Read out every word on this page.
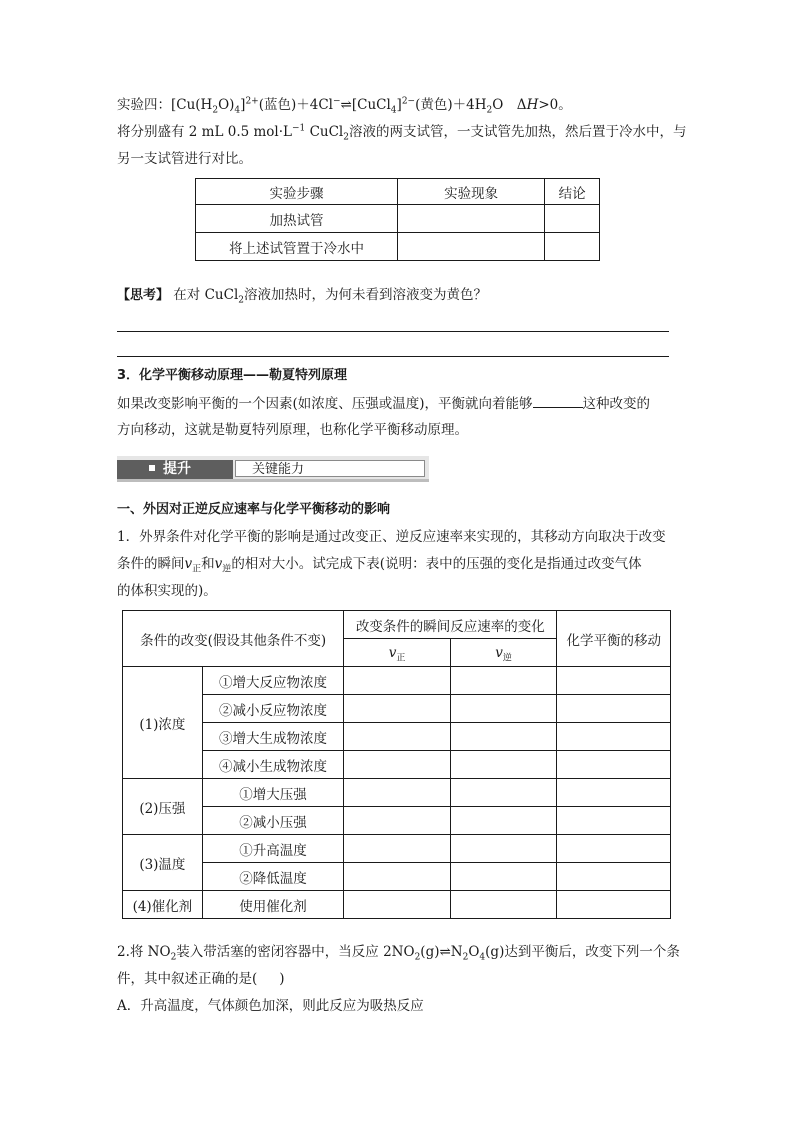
实验四：$[Cu(H_2O)_4]^{2+}$(蓝色)＋4Cl−⇌[CuCl$_4$]$^{2-}$(黄色)$+4H_2O$　ΔH>0。
将分别盛有 2 mL 0.5 $mol\cdot L^{-1}$ CuCl$_2$溶液的两支试管，一支试管先加热，然后置于冷水中，与
另一支试管进行对比。
实验步骤	实验现象	结论
加热试管		
将上述试管置于冷水中		
【思考】 在对 CuCl$_2$溶液加热时，为何未看到溶液变为黄色？
3．化学平衡移动原理——勒夏特列原理
如果改变影响平衡的一个因素(如浓度、压强或温度)，平衡就向着能够	这种改变的
方向移动，这就是勒夏特列原理，也称化学平衡移动原理。
提升	关键能力
一、外因对正逆反应速率与化学平衡移动的影响
1．外界条件对化学平衡的影响是通过改变正、逆反应速率来实现的，其移动方向取决于改变
条件的瞬间$v_正$和$v_逆$的相对大小。试完成下表(说明：表中的压强的变化是指通过改变气体
的体积实现的)。
条件的改变(假设其他条件不变)		改变条件的瞬间反应速率的变化		化学平衡的移动
		$v_正$	$v_逆$
(1)浓度	①增大反应物浓度			
	②减小反应物浓度			
	③增大生成物浓度			
	④减小生成物浓度			
(2)压强	①增大压强			
	②减小压强			
(3)温度	①升高温度			
	②降低温度			
(4)催化剂	使用催化剂			
2.将 $NO_2$装入带活塞的密闭容器中，当反应 $2NO_2(g)\rightleftharpoons N_2O_4(g)$达到平衡后，改变下列一个条
件，其中叙述正确的是( )
A．升高温度，气体颜色加深，则此反应为吸热反应
